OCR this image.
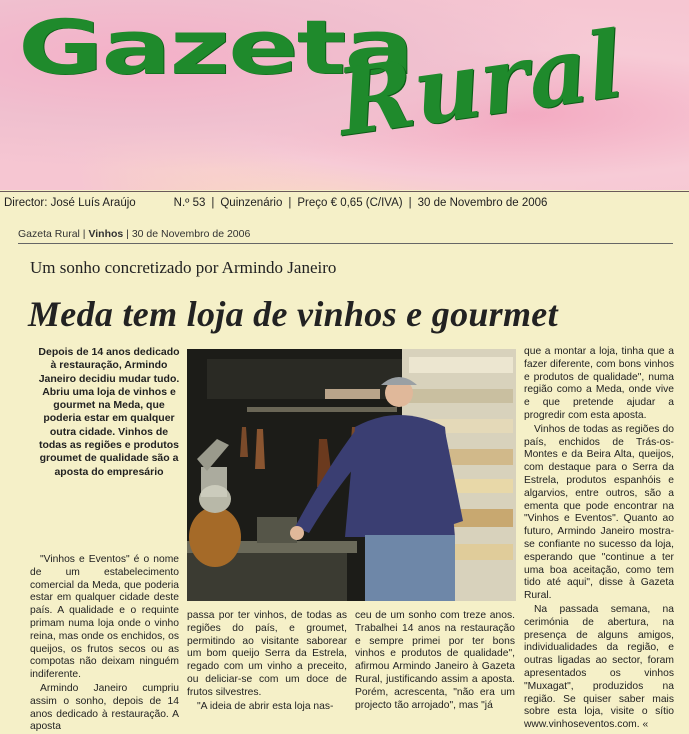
Gazeta
Rural
Director: José Luís Araújo	N.º 53 | Quinzenário | Preço € 0,65 (C/IVA) | 30 de Novembro de 2006
Gazeta Rural | Vinhos | 30 de Novembro de 2006
Um sonho concretizado por Armindo Janeiro
Meda tem loja de vinhos e gourmet
Depois de 14 anos dedicado à restauração, Armindo Janeiro decidiu mudar tudo. Abriu uma loja de vinhos e gourmet na Meda, que poderia estar em qualquer outra cidade. Vinhos de todas as regiões e produtos groumet de qualidade são a aposta do empresário

"Vinhos e Eventos" é o nome de um estabelecimento comercial da Meda, que poderia estar em qualquer cidade deste país. A qualidade e o requinte primam numa loja onde o vinho reina, mas onde os enchidos, os queijos, os frutos secos ou as compotas não deixam ninguém indiferente.

Armindo Janeiro cumpriu assim o sonho, depois de 14 anos dedicado à restauração. A aposta

passa por ter vinhos, de todas as regiões do país, e groumet, permitindo ao visitante saborear um bom queijo Serra da Estrela, regado com um vinho a preceito, ou deliciar-se com um doce de frutos silvestres.

"A ideia de abrir esta loja nas-

ceu de um sonho com treze anos. Trabalhei 14 anos na restauração e sempre primei por ter bons vinhos e produtos de qualidade", afirmou Armindo Janeiro à Gazeta Rural, justificando assim a aposta. Porém, acrescenta, "não era um projecto tão arrojado", mas "já

que a montar a loja, tinha que a fazer diferente, com bons vinhos e produtos de qualidade", numa região como a Meda, onde vive e que pretende ajudar a progredir com esta aposta.

Vinhos de todas as regiões do país, enchidos de Trás-os-Montes e da Beira Alta, queijos, com destaque para o Serra da Estrela, produtos espanhóis e algarvios, entre outros, são a ementa que pode encontrar na "Vinhos e Eventos". Quanto ao futuro, Armindo Janeiro mostra-se confiante no sucesso da loja, esperando que "continue a ter uma boa aceitação, como tem tido até aqui", disse à Gazeta Rural.

Na passada semana, na cerimónia de abertura, na presença de alguns amigos, individualidades da região, e outras ligadas ao sector, foram apresentados os vinhos "Muxagat", produzidos na região. Se quiser saber mais sobre esta loja, visite o sítio www.vinhoseventos.com. «
